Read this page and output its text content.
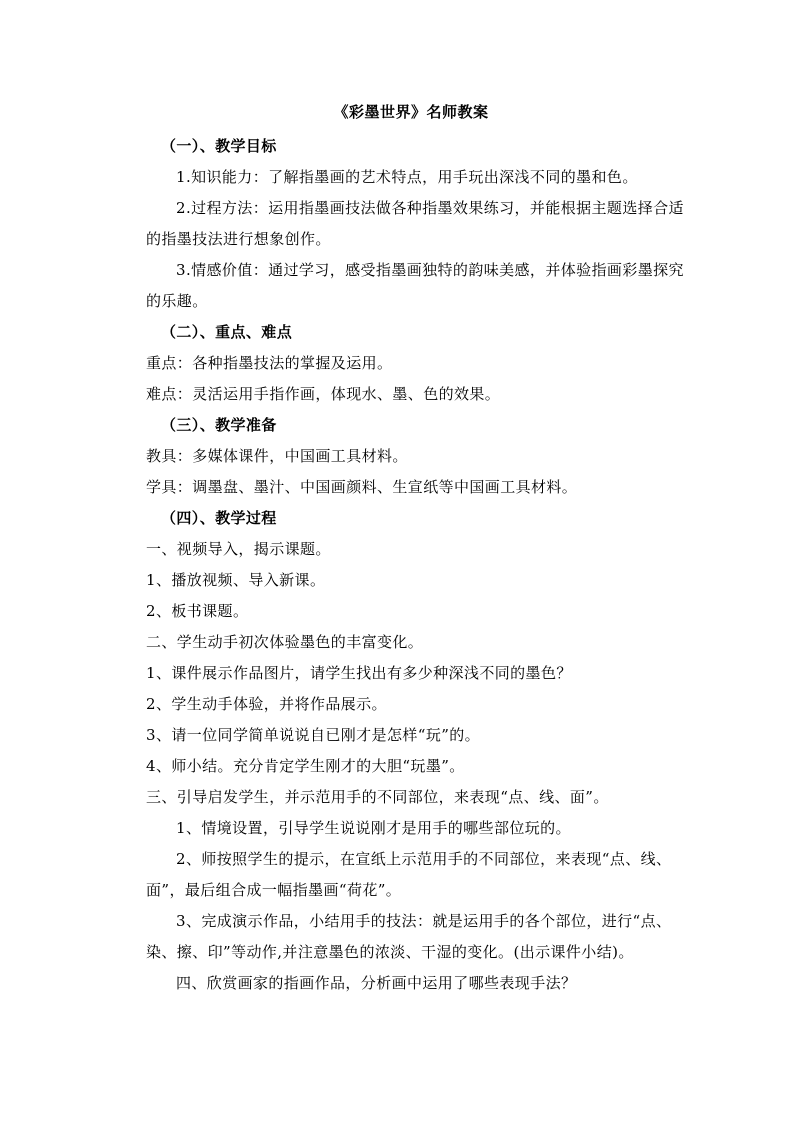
《彩墨世界》名师教案

（一）、教学目标

1.知识能力：了解指墨画的艺术特点，用手玩出深浅不同的墨和色。

2.过程方法：运用指墨画技法做各种指墨效果练习，并能根据主题选择合适

的指墨技法进行想象创作。

3.情感价值：通过学习，感受指墨画独特的韵味美感，并体验指画彩墨探究

的乐趣。

（二）、重点、难点

重点：各种指墨技法的掌握及运用。

难点：灵活运用手指作画，体现水、墨、色的效果。

（三）、教学准备

教具：多媒体课件，中国画工具材料。

学具：调墨盘、墨汁、中国画颜料、生宣纸等中国画工具材料。

（四）、教学过程

一、视频导入，揭示课题。

1、播放视频、导入新课。

2、板书课题。

二、学生动手初次体验墨色的丰富变化。

1、课件展示作品图片，请学生找出有多少种深浅不同的墨色？

2、学生动手体验，并将作品展示。

3、请一位同学简单说说自已刚才是怎样“玩”的。

4、师小结。充分肯定学生刚才的大胆“玩墨”。

三、引导启发学生，并示范用手的不同部位，来表现“点、线、面”。

1、情境设置，引导学生说说刚才是用手的哪些部位玩的。

2、师按照学生的提示，在宣纸上示范用手的不同部位，来表现“点、线、

面”，最后组合成一幅指墨画“荷花”。

3、完成演示作品，小结用手的技法：就是运用手的各个部位，进行“点、

染、擦、印”等动作,并注意墨色的浓淡、干湿的变化。(出示课件小结)。

四、欣赏画家的指画作品，分析画中运用了哪些表现手法？
